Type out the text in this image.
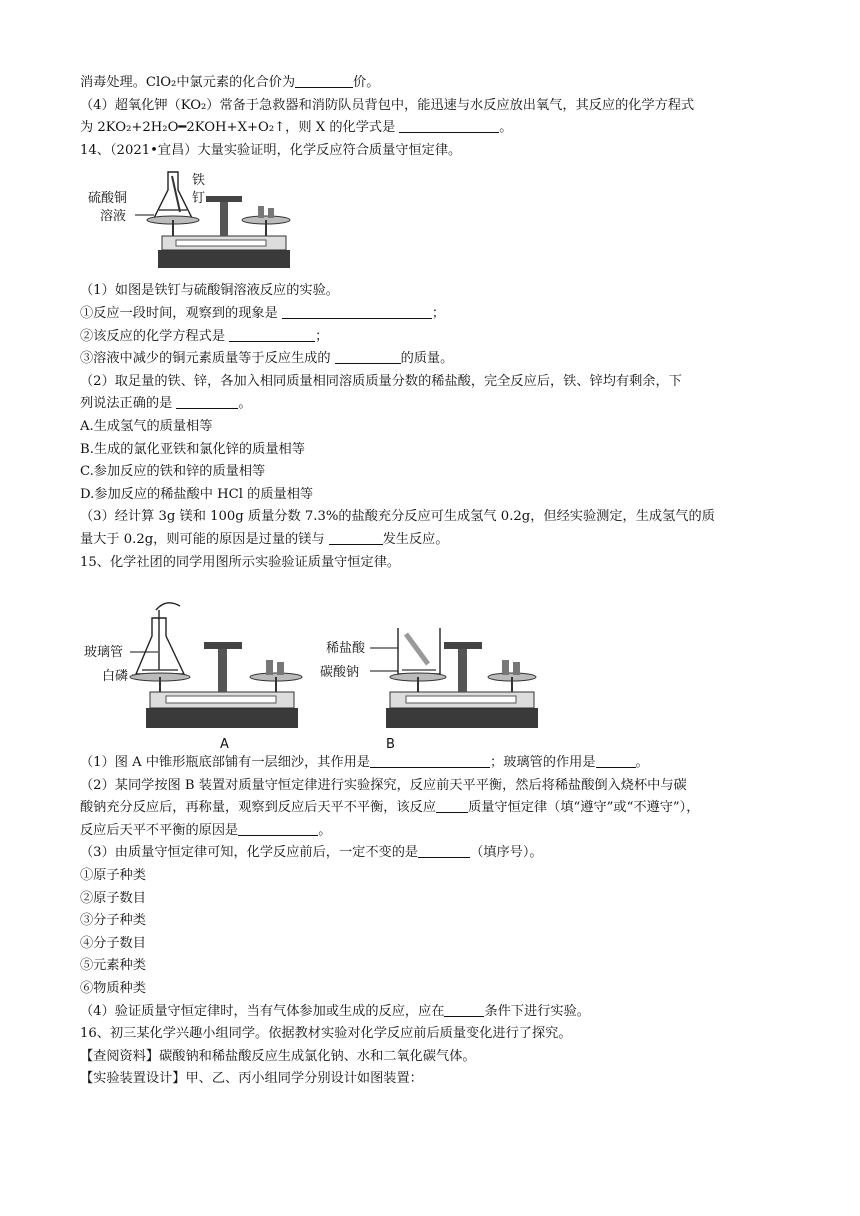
消毒处理。ClO₂中氯元素的化合价为	价。
（4）超氧化钾（KO₂）常备于急救器和消防队员背包中，能迅速与水反应放出氧气，其反应的化学方程式
为 2KO₂+2H₂O━2KOH+X+O₂↑，则 X 的化学式是	。
14、（2021•宜昌）大量实验证明，化学反应符合质量守恒定律。
硫酸铜
溶液
铁
钉
（1）如图是铁钉与硫酸铜溶液反应的实验。
①反应一段时间，观察到的现象是	；
②该反应的化学方程式是	；
③溶液中减少的铜元素质量等于反应生成的	的质量。
（2）取足量的铁、锌，各加入相同质量相同溶质质量分数的稀盐酸，完全反应后，铁、锌均有剩余，下
列说法正确的是	。
A.生成氢气的质量相等
B.生成的氯化亚铁和氯化锌的质量相等
C.参加反应的铁和锌的质量相等
D.参加反应的稀盐酸中 HCl 的质量相等
（3）经计算 3g 镁和 100g 质量分数 7.3%的盐酸充分反应可生成氢气 0.2g，但经实验测定，生成氢气的质
量大于 0.2g，则可能的原因是过量的镁与	发生反应。
15、化学社团的同学用图所示实验验证质量守恒定律。
玻璃管
白磷
A
稀盐酸
碳酸钠
B
（1）图 A 中锥形瓶底部铺有一层细沙，其作用是	；玻璃管的作用是	。
（2）某同学按图 B 装置对质量守恒定律进行实验探究，反应前天平平衡，然后将稀盐酸倒入烧杯中与碳
酸钠充分反应后，再称量，观察到反应后天平不平衡，该反应 质量守恒定律（填“遵守”或“不遵守”），
反应后天平不平衡的原因是	。
（3）由质量守恒定律可知，化学反应前后，一定不变的是	（填序号）。
①原子种类
②原子数目
③分子种类
④分子数目
⑤元素种类
⑥物质种类
（4）验证质量守恒定律时，当有气体参加或生成的反应，应在	条件下进行实验。
16、初三某化学兴趣小组同学。依据教材实验对化学反应前后质量变化进行了探究。
【查阅资料】碳酸钠和稀盐酸反应生成氯化钠、水和二氧化碳气体。
【实验装置设计】甲、乙、丙小组同学分别设计如图装置：
